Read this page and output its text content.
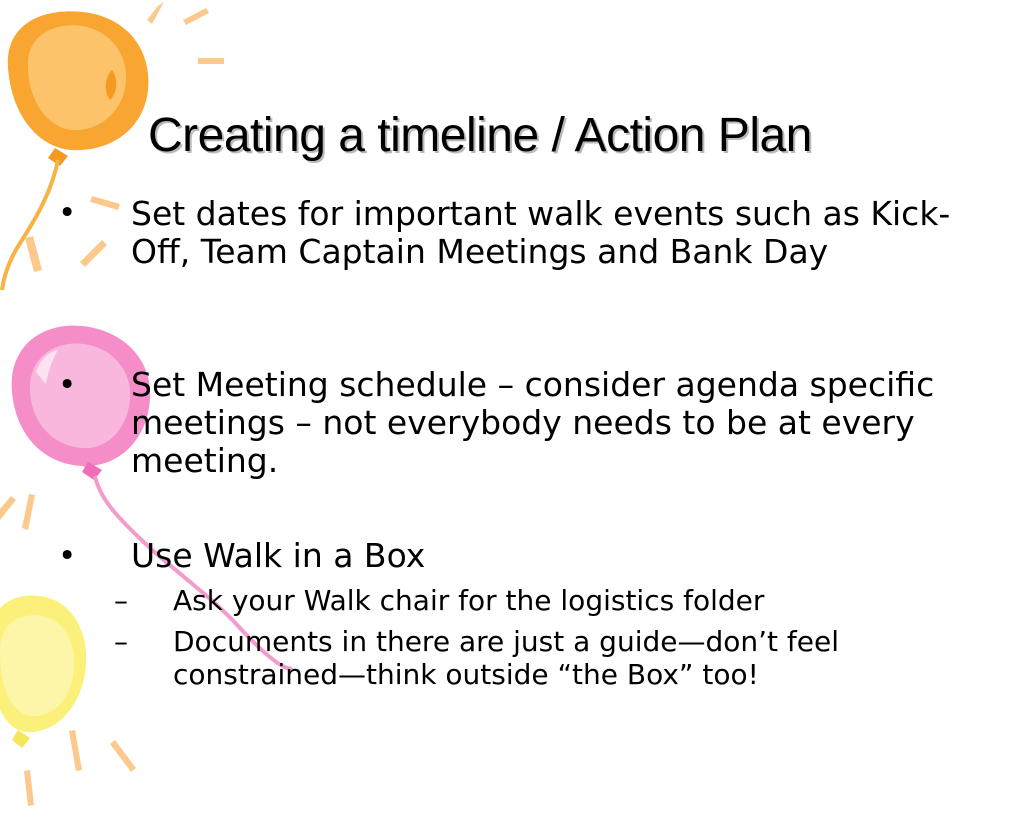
Creating a timeline / Action Plan
• Set dates for important walk events such as Kick-Off, Team Captain Meetings and Bank Day
• Set Meeting schedule – consider agenda specific meetings – not everybody needs to be at every meeting.
• Use Walk in a Box
– Ask your Walk chair for the logistics folder
– Documents in there are just a guide—don’t feel constrained—think outside “the Box” too!
